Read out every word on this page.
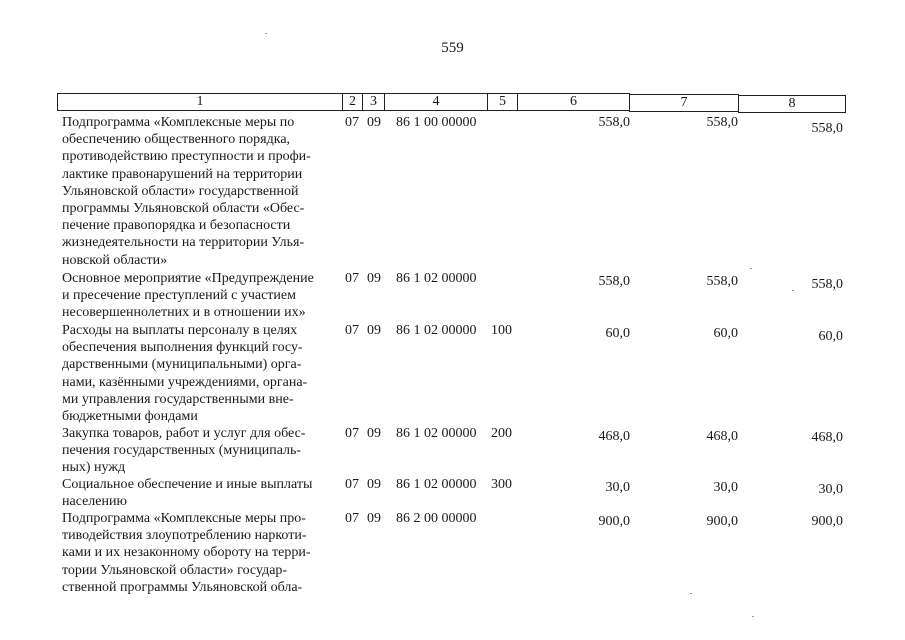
559
1	2	3	4	5	6	7	8
Подпрограмма «Комплексные меры по
обеспечению общественного порядка,
противодействию преступности и профи-
лактике правонарушений на территории
Ульяновской области» государственной
программы Ульяновской области «Обес-
печение правопорядка и безопасности
жизнедеятельности на территории Улья-
новской области»
07 09 86 1 00 00000	558,0	558,0	558,0
Основное мероприятие «Предупреждение
и пресечение преступлений с участием
несовершеннолетних и в отношении их»
07 09 86 1 02 00000	558,0	558,0	558,0
Расходы на выплаты персоналу в целях
обеспечения выполнения функций госу-
дарственными (муниципальными) орга-
нами, казёнными учреждениями, органа-
ми управления государственными вне-
бюджетными фондами
07 09 86 1 02 00000 100	60,0	60,0	60,0
Закупка товаров, работ и услуг для обес-
печения государственных (муниципаль-
ных) нужд
07 09 86 1 02 00000 200	468,0	468,0	468,0
Социальное обеспечение и иные выплаты
населению
07 09 86 1 02 00000 300	30,0	30,0	30,0
Подпрограмма «Комплексные меры про-
тиводействия злоупотреблению наркоти-
ками и их незаконному обороту на терри-
тории Ульяновской области» государ-
ственной программы Ульяновской обла-
07 09 86 2 00 00000	900,0	900,0	900,0
